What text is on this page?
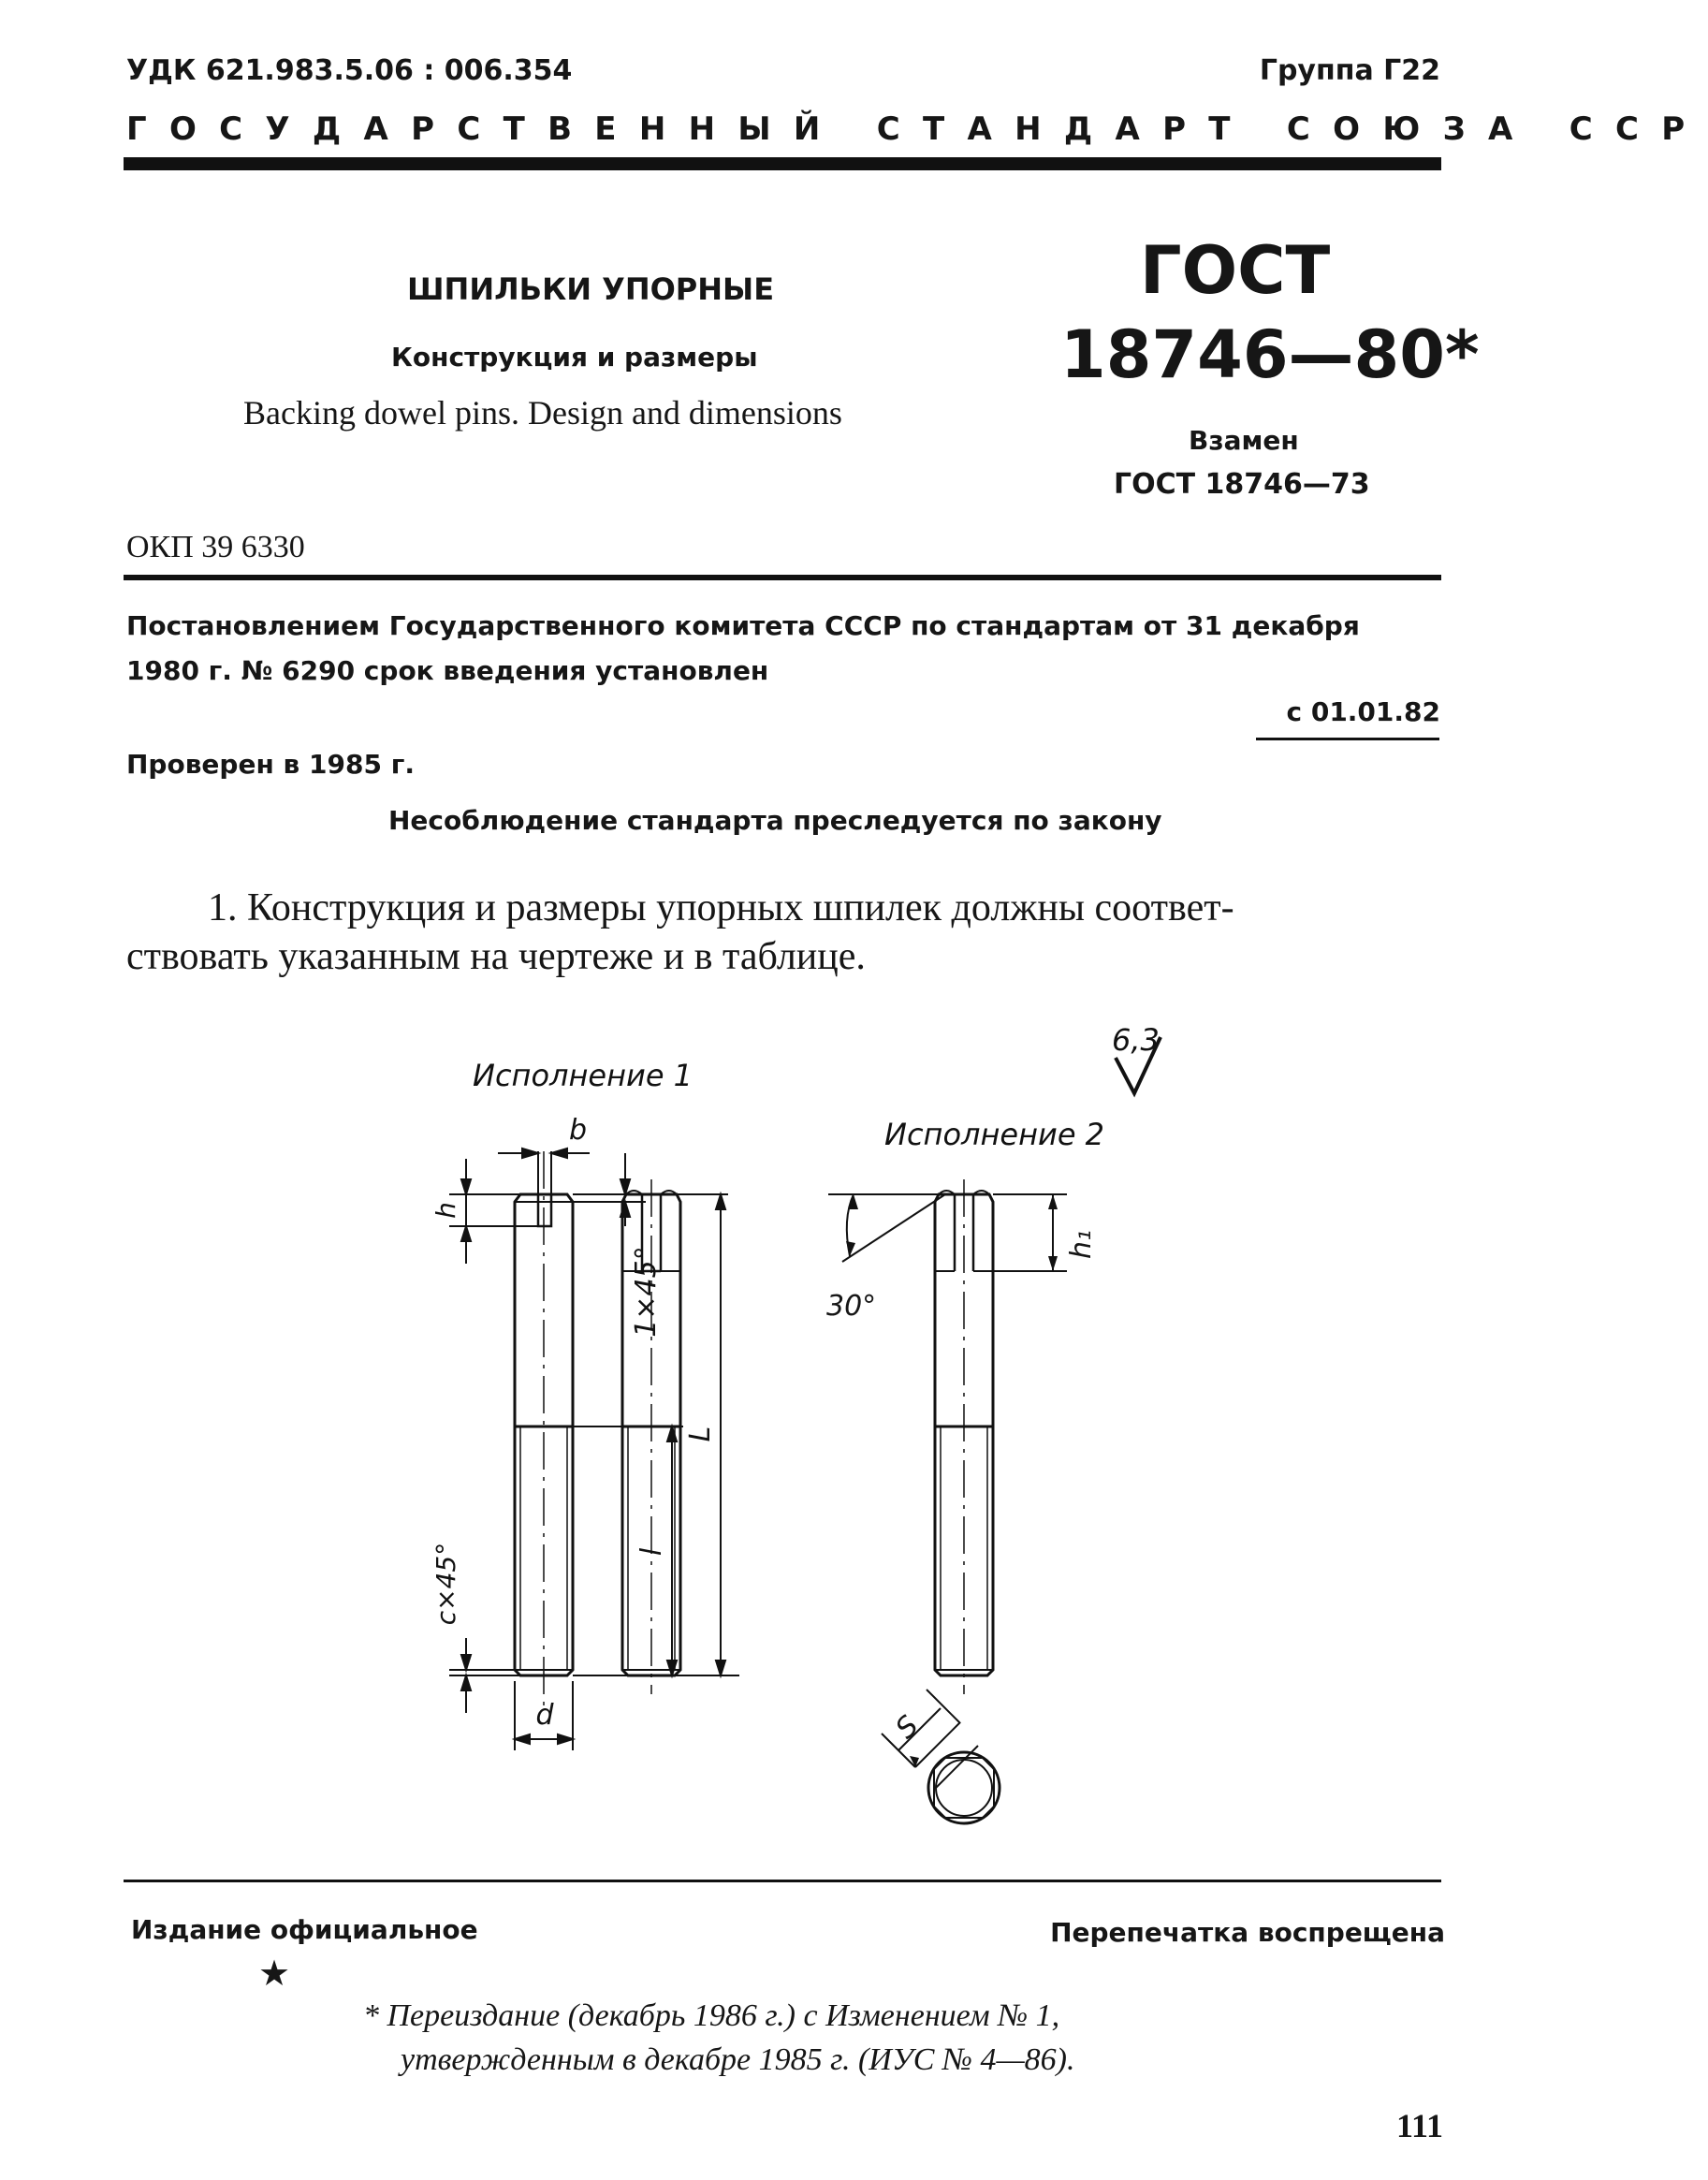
УДК 621.983.5.06 : 006.354	Группа Г22
ГОСУДАРСТВЕННЫЙ СТАНДАРТ СОЮЗА ССР
ШПИЛЬКИ УПОРНЫЕ
Конструкция и размеры
Backing dowel pins. Design and dimensions
ГОСТ
18746—80*
Взамен
ГОСТ 18746—73
ОКП 39 6330
Постановлением Государственного комитета СССР по стандартам от 31 декабря
1980 г. № 6290 срок введения установлен
с 01.01.82
Проверен в 1985 г.
Несоблюдение стандарта преследуется по закону
1. Конструкция и размеры упорных шпилек должны соответ-
ствовать указанным на чертеже и в таблице.
6,3
Исполнение 1
Исполнение 2
b
h
1×45°
L
l
c×45°
d
30°
h₁
S
Издание официальное	Перепечатка воспрещена
★
* Переиздание (декабрь 1986 г.) с Изменением № 1,
утвержденным в декабре 1985 г. (ИУС № 4—86).
111
